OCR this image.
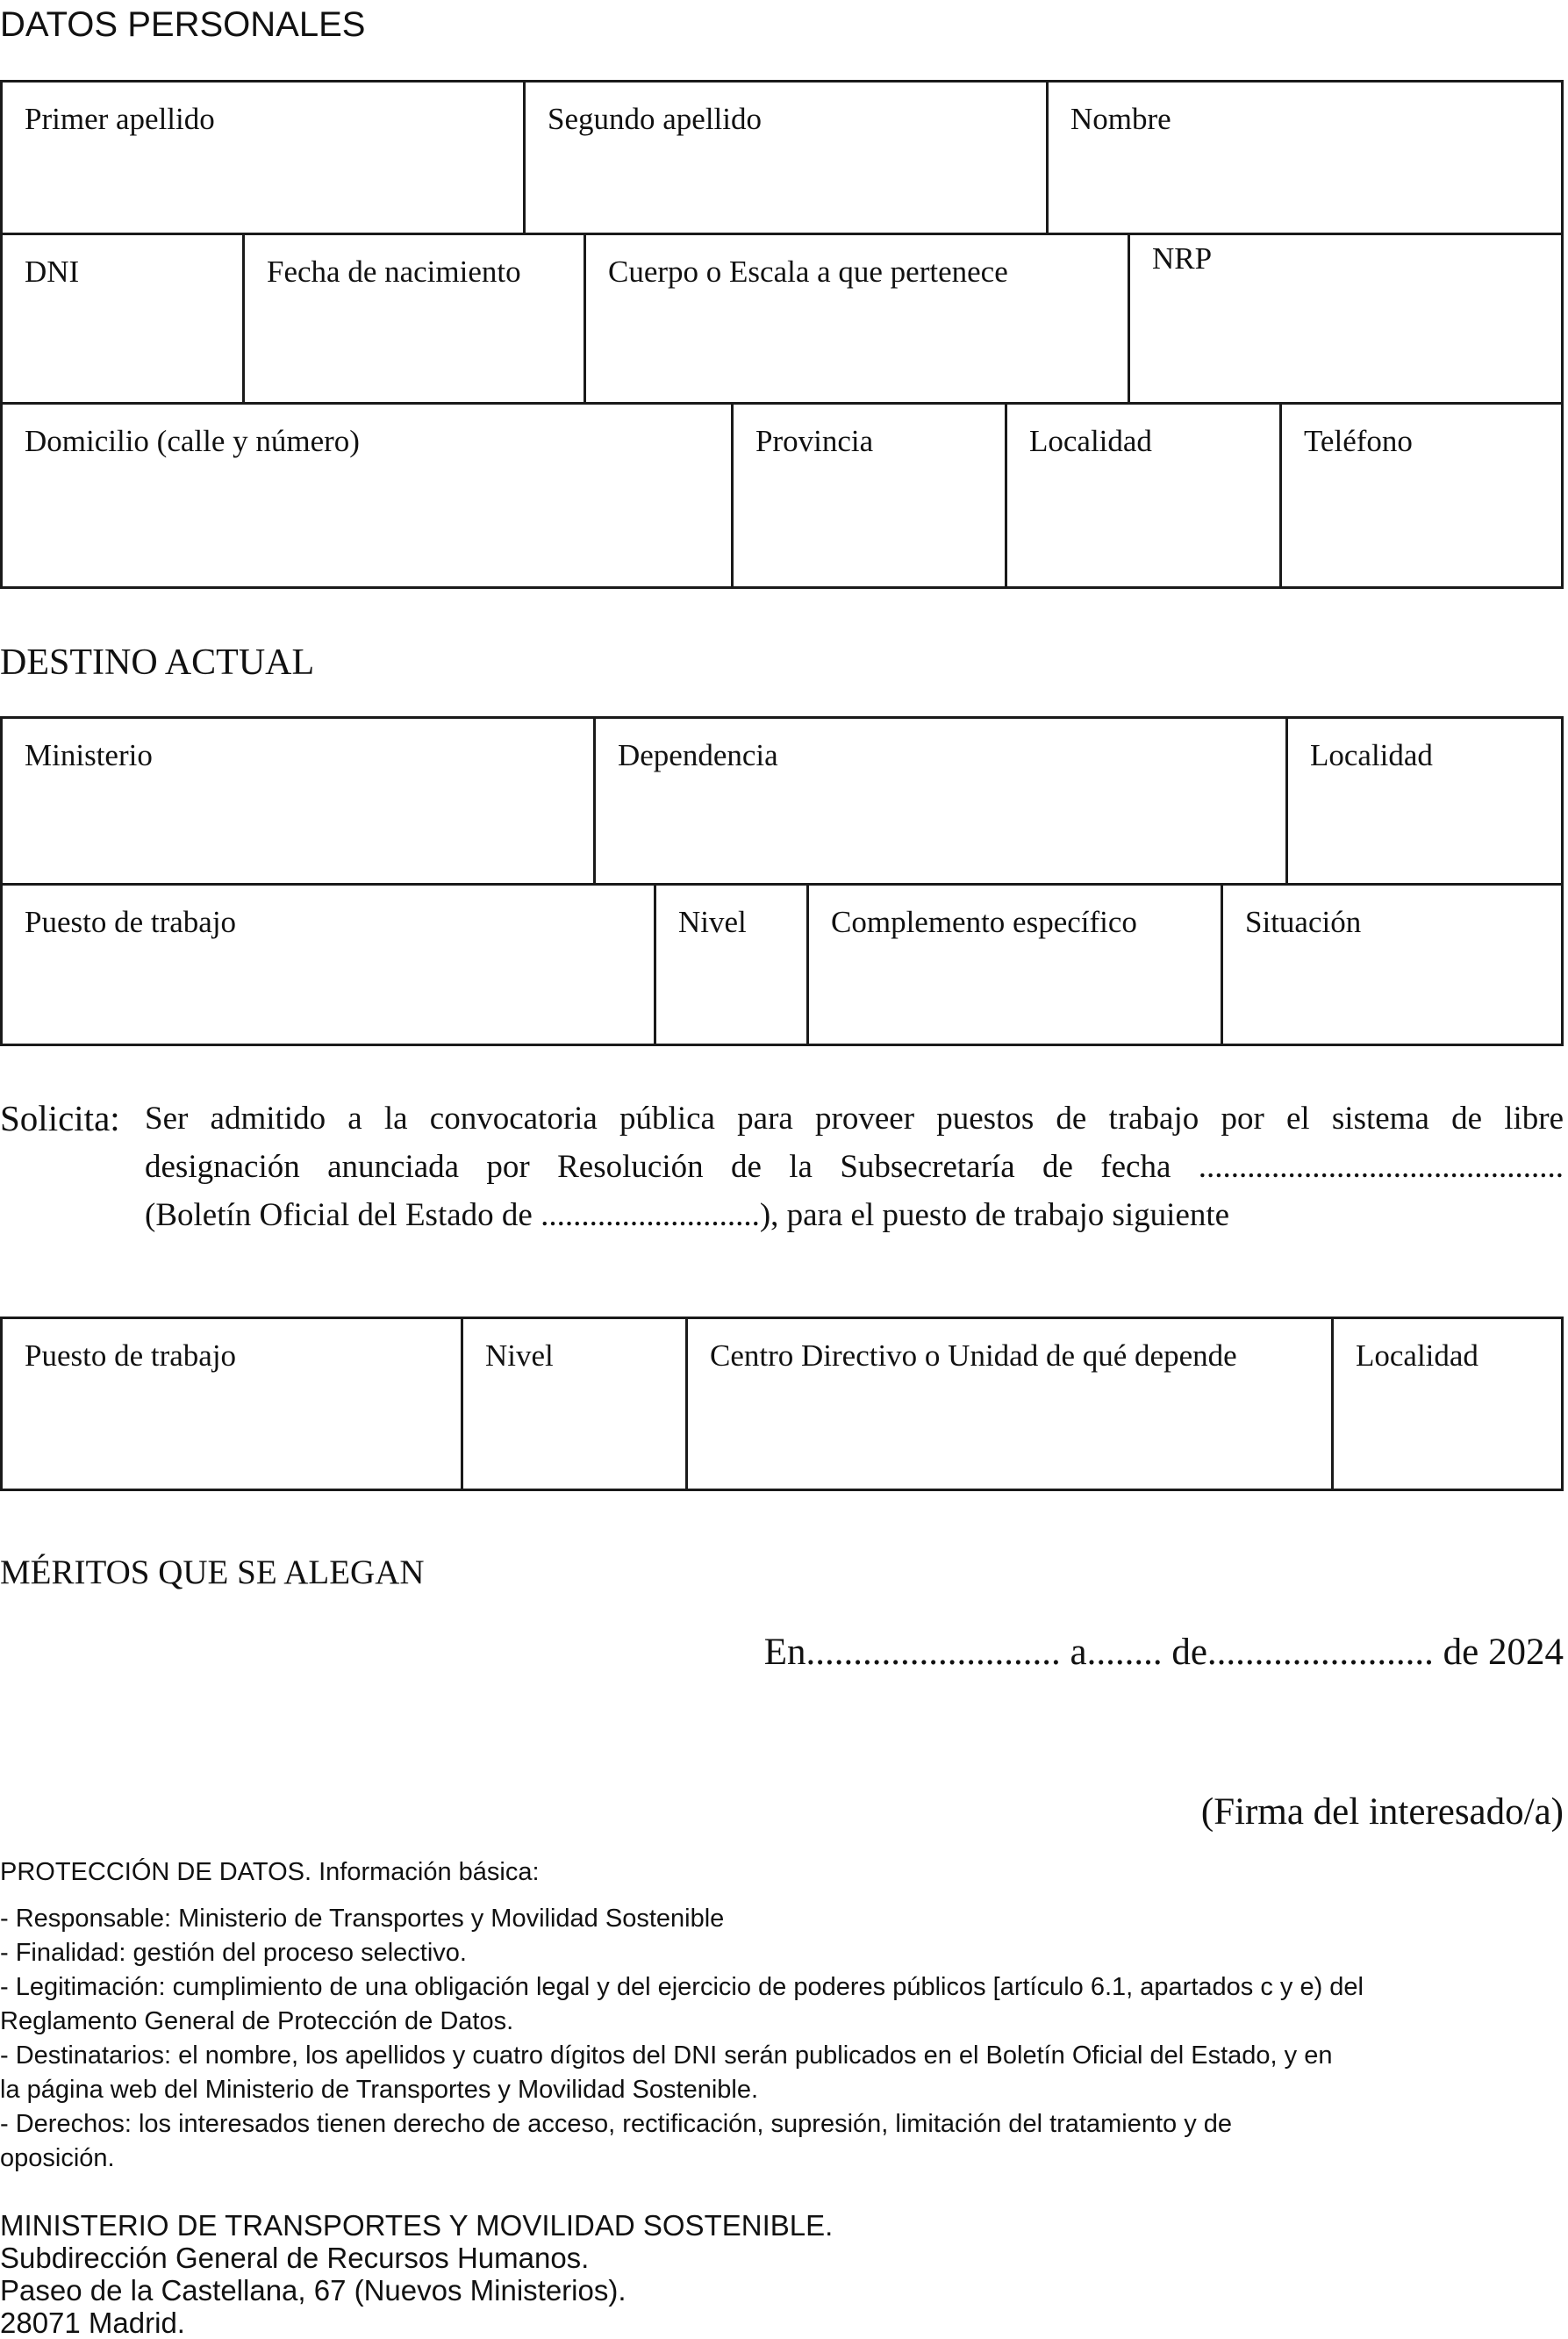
DATOS PERSONALES
Primer apellido	Segundo apellido	Nombre
DNI	Fecha de nacimiento	Cuerpo o Escala a que pertenece	NRP
Domicilio (calle y número)	Provincia	Localidad	Teléfono
DESTINO ACTUAL
Ministerio	Dependencia	Localidad
Puesto de trabajo	Nivel	Complemento específico	Situación
Solicita: Ser admitido a la convocatoria pública para proveer puestos de trabajo por el sistema de libre
designación anunciada por Resolución de la Subsecretaría de fecha .............................................
(Boletín Oficial del Estado de ...........................), para el puesto de trabajo siguiente
Puesto de trabajo	Nivel	Centro Directivo o Unidad de qué depende	Localidad
MÉRITOS QUE SE ALEGAN
En........................... a........ de........................ de 2024
(Firma del interesado/a)
PROTECCIÓN DE DATOS. Información básica:
- Responsable: Ministerio de Transportes y Movilidad Sostenible
- Finalidad: gestión del proceso selectivo.
- Legitimación: cumplimiento de una obligación legal y del ejercicio de poderes públicos [artículo 6.1, apartados c y e) del
Reglamento General de Protección de Datos.
- Destinatarios: el nombre, los apellidos y cuatro dígitos del DNI serán publicados en el Boletín Oficial del Estado, y en
la página web del Ministerio de Transportes y Movilidad Sostenible.
- Derechos: los interesados tienen derecho de acceso, rectificación, supresión, limitación del tratamiento y de
oposición.
MINISTERIO DE TRANSPORTES Y MOVILIDAD SOSTENIBLE.
Subdirección General de Recursos Humanos.
Paseo de la Castellana, 67 (Nuevos Ministerios).
28071 Madrid.
